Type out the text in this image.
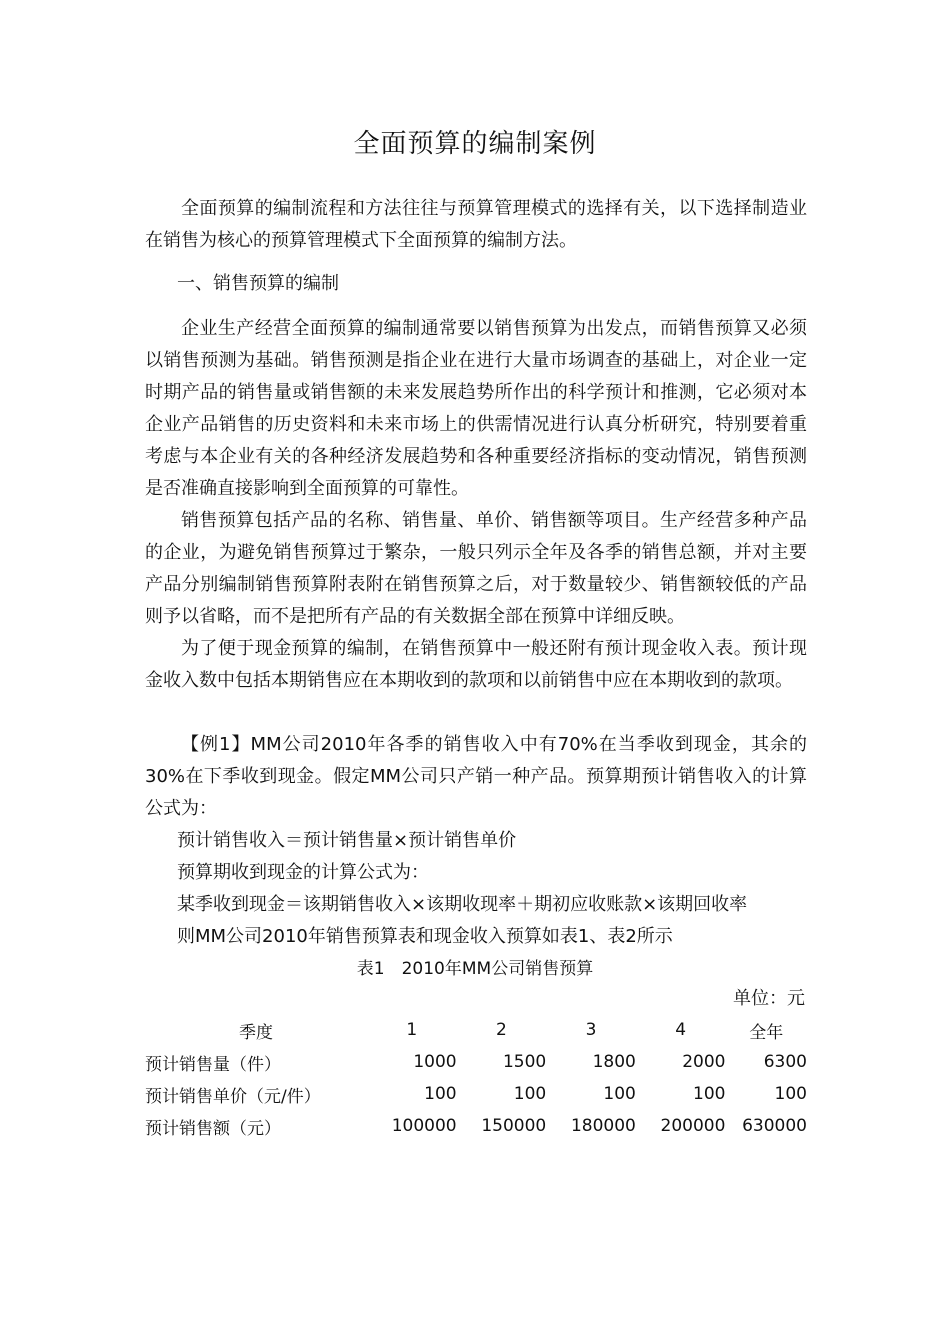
全面预算的编制案例
全面预算的编制流程和方法往往与预算管理模式的选择有关，以下选择制造业在销售为核心的预算管理模式下全面预算的编制方法。
一、销售预算的编制
企业生产经营全面预算的编制通常要以销售预算为出发点，而销售预算又必须以销售预测为基础。销售预测是指企业在进行大量市场调查的基础上，对企业一定时期产品的销售量或销售额的未来发展趋势所作出的科学预计和推测，它必须对本企业产品销售的历史资料和未来市场上的供需情况进行认真分析研究，特别要着重考虑与本企业有关的各种经济发展趋势和各种重要经济指标的变动情况，销售预测是否准确直接影响到全面预算的可靠性。
销售预算包括产品的名称、销售量、单价、销售额等项目。生产经营多种产品的企业，为避免销售预算过于繁杂，一般只列示全年及各季的销售总额，并对主要产品分别编制销售预算附表附在销售预算之后，对于数量较少、销售额较低的产品则予以省略，而不是把所有产品的有关数据全部在预算中详细反映。
为了便于现金预算的编制，在销售预算中一般还附有预计现金收入表。预计现金收入数中包括本期销售应在本期收到的款项和以前销售中应在本期收到的款项。
【例1】MM公司2010年各季的销售收入中有70%在当季收到现金，其余的30%在下季收到现金。假定MM公司只产销一种产品。预算期预计销售收入的计算公式为：
预计销售收入＝预计销售量×预计销售单价
预算期收到现金的计算公式为：
某季收到现金＝该期销售收入×该期收现率＋期初应收账款×该期回收率
则MM公司2010年销售预算表和现金收入预算如表1、表2所示
表1　2010年MM公司销售预算
单位：元
季度	1	2	3	4	全年
预计销售量（件）	1000	1500	1800	2000	6300
预计销售单价（元/件）	100	100	100	100	100
预计销售额（元）	100000	150000	180000	200000	630000
